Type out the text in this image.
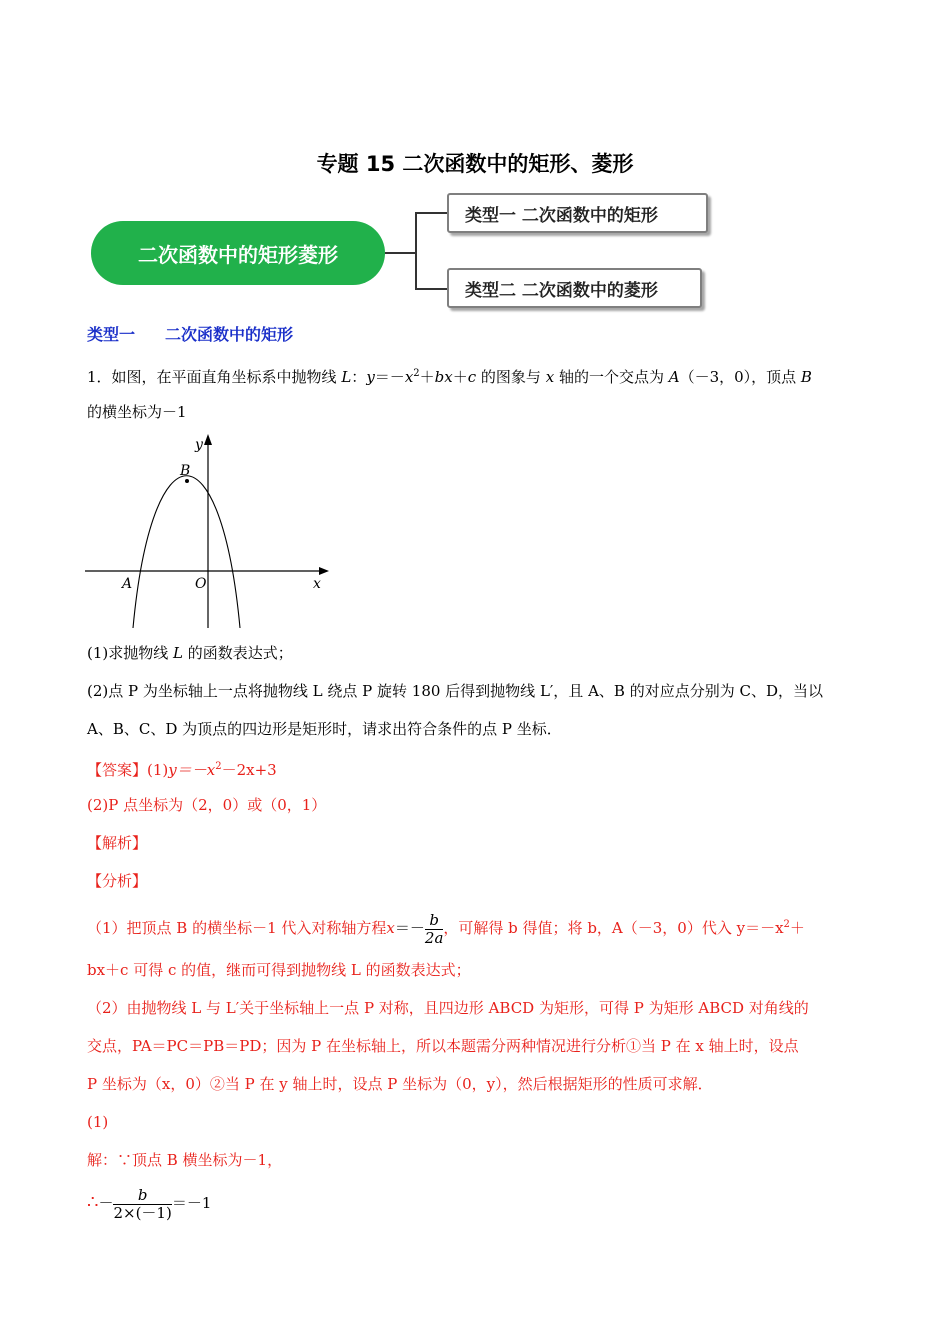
专题 15 二次函数中的矩形、菱形
二次函数中的矩形菱形
类型一 二次函数中的矩形
类型二 二次函数中的菱形
类型一 二次函数中的矩形
1．如图，在平面直角坐标系中抛物线 L：$y=-x^2+bx+c$ 的图象与 x 轴的一个交点为 A（－3，0），顶点 B
的横坐标为－1
y
x
B
A	O
(1)求抛物线 L 的函数表达式；
(2)点 P 为坐标轴上一点将抛物线 L 绕点 P 旋转 180 后得到抛物线 L′，且 A、B 的对应点分别为 C、D，当以
A、B、C、D 为顶点的四边形是矩形时，请求出符合条件的点 P 坐标．
【答案】$(1)y=-x^2-2x+3$
(2)P 点坐标为（2，0）或（0，1）
【解析】
【分析】
（1）把顶点 B 的横坐标－1 代入对称轴方程$x=- \frac{b}{2a}$ ，可解得 b 得值；将 b，A（－3，0）代入 $y=-x^2+$
bx＋c 可得 c 的值，继而可得到抛物线 L 的函数表达式；
（2）由抛物线 L 与 L′关于坐标轴上一点 P 对称，且四边形 ABCD 为矩形，可得 P 为矩形 ABCD 对角线的
交点，PA＝PC＝PB＝PD；因为 P 在坐标轴上，所以本题需分两种情况进行分析①当 P 在 x 轴上时，设点
P 坐标为（x，0）②当 P 在 y 轴上时，设点 P 坐标为（0，y），然后根据矩形的性质可求解．
(1)
解：∵顶点 B 横坐标为－1，
∴－ $\frac{b}{2\times(-1)} =-1$
